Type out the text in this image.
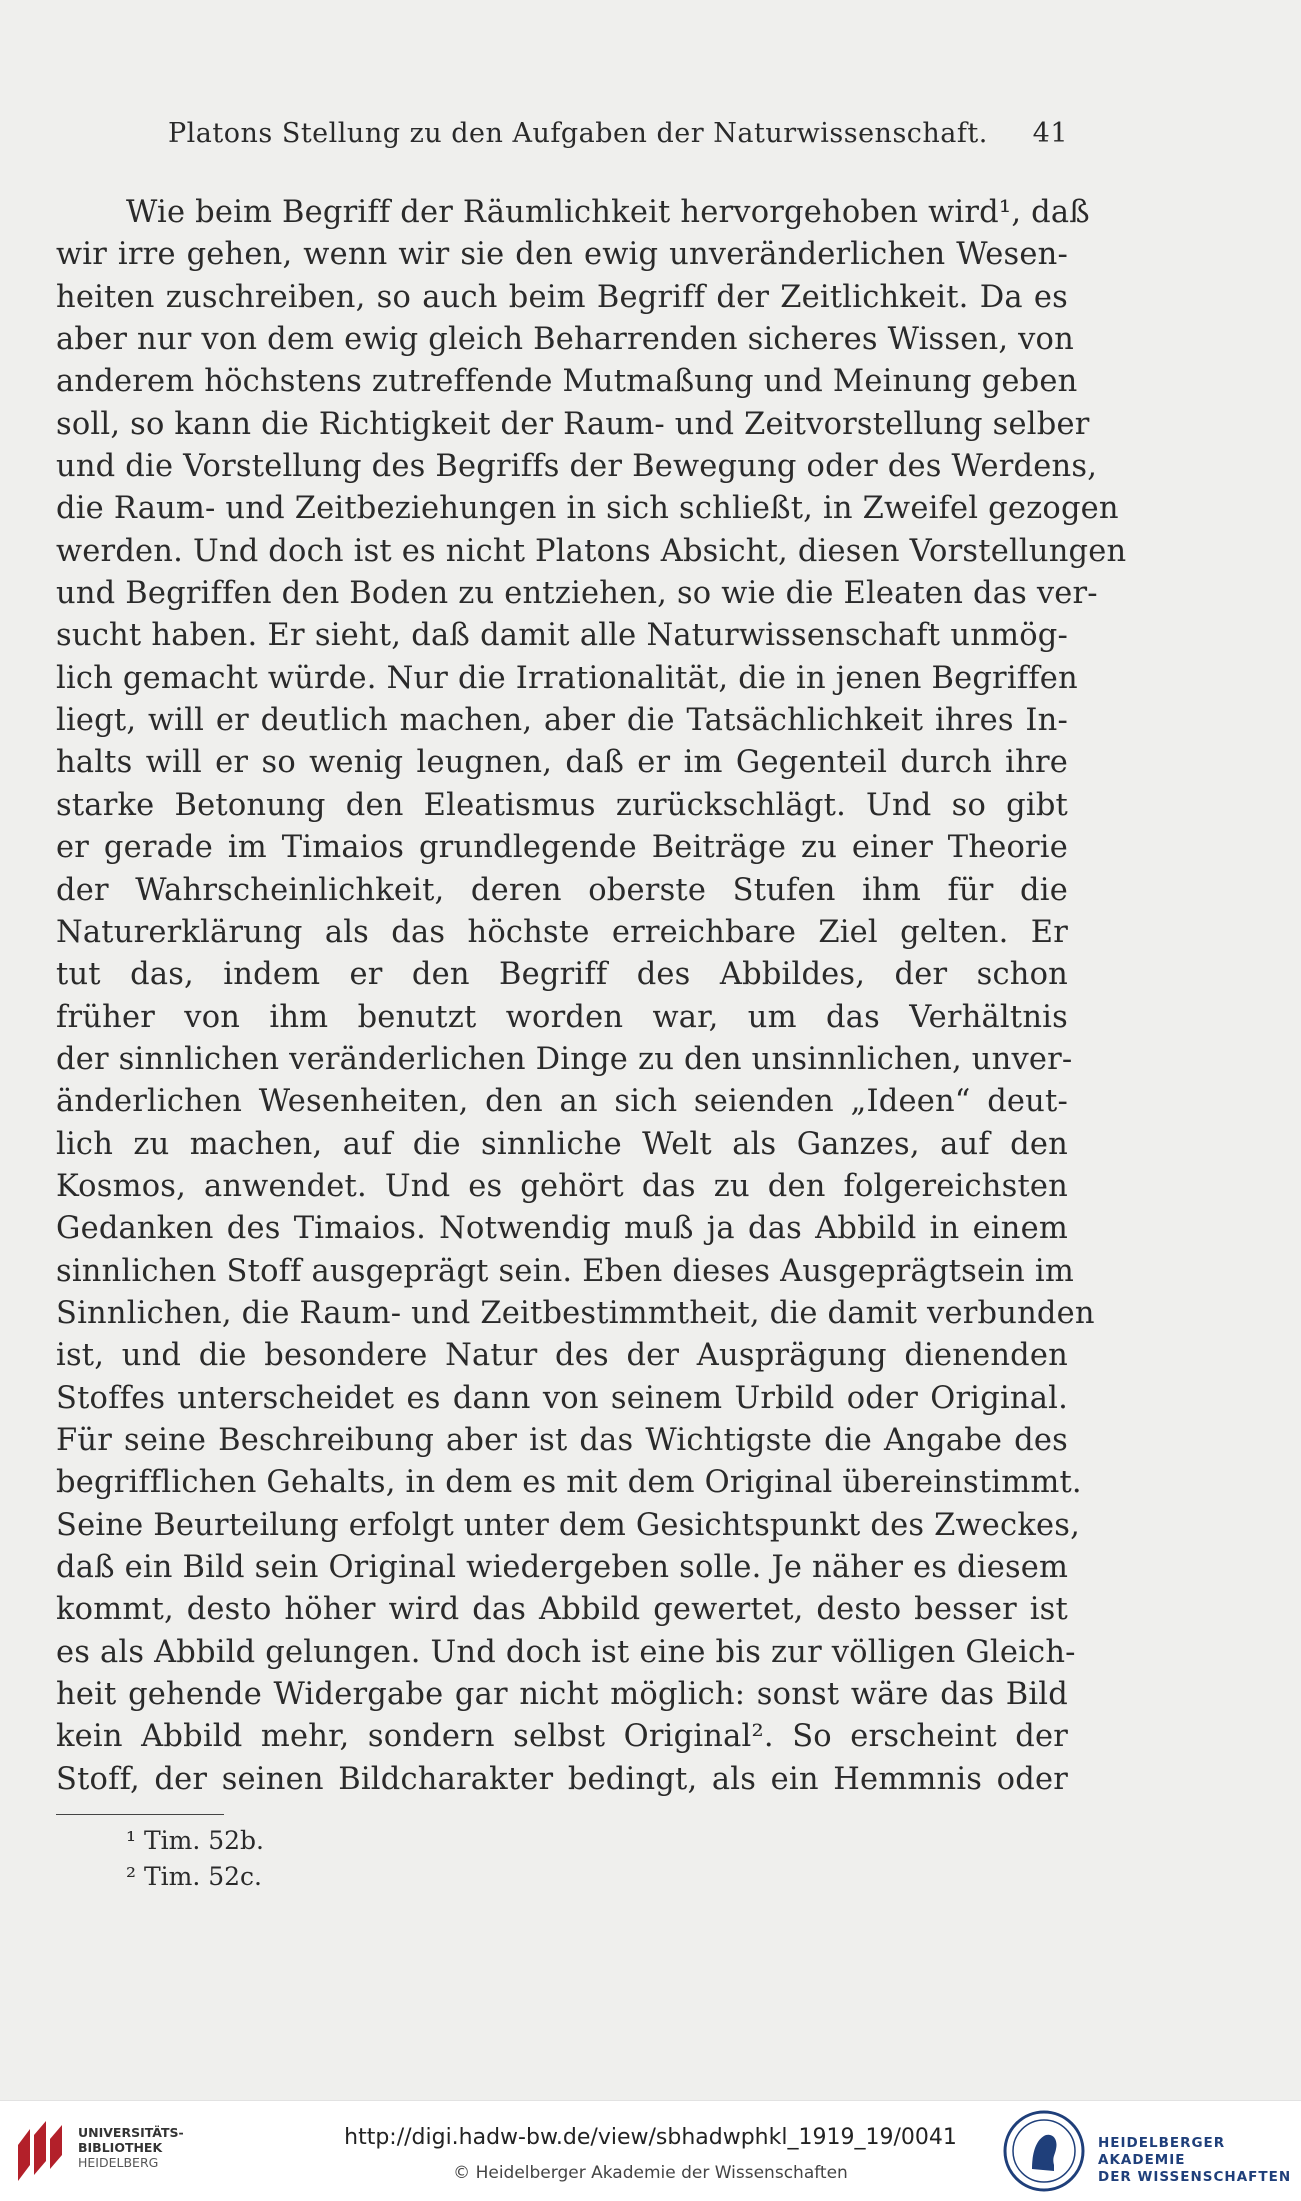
Platons Stellung zu den Aufgaben der Naturwissenschaft. 41
Wie beim Begriff der Räumlichkeit hervorgehoben wird¹, daß
wir irre gehen, wenn wir sie den ewig unveränderlichen Wesen-
heiten zuschreiben, so auch beim Begriff der Zeitlichkeit. Da es
aber nur von dem ewig gleich Beharrenden sicheres Wissen, von
anderem höchstens zutreffende Mutmaßung und Meinung geben
soll, so kann die Richtigkeit der Raum- und Zeitvorstellung selber
und die Vorstellung des Begriffs der Bewegung oder des Werdens,
die Raum- und Zeitbeziehungen in sich schließt, in Zweifel gezogen
werden. Und doch ist es nicht Platons Absicht, diesen Vorstellungen
und Begriffen den Boden zu entziehen, so wie die Eleaten das ver-
sucht haben. Er sieht, daß damit alle Naturwissenschaft unmög-
lich gemacht würde. Nur die Irrationalität, die in jenen Begriffen
liegt, will er deutlich machen, aber die Tatsächlichkeit ihres In-
halts will er so wenig leugnen, daß er im Gegenteil durch ihre
starke Betonung den Eleatismus zurückschlägt. Und so gibt
er gerade im Timaios grundlegende Beiträge zu einer Theorie
der Wahrscheinlichkeit, deren oberste Stufen ihm für die
Naturerklärung als das höchste erreichbare Ziel gelten. Er
tut das, indem er den Begriff des Abbildes, der schon
früher von ihm benutzt worden war, um das Verhältnis
der sinnlichen veränderlichen Dinge zu den unsinnlichen, unver-
änderlichen Wesenheiten, den an sich seienden „Ideen“ deut-
lich zu machen, auf die sinnliche Welt als Ganzes, auf den
Kosmos, anwendet. Und es gehört das zu den folgereichsten
Gedanken des Timaios. Notwendig muß ja das Abbild in einem
sinnlichen Stoff ausgeprägt sein. Eben dieses Ausgeprägtsein im
Sinnlichen, die Raum- und Zeitbestimmtheit, die damit verbunden
ist, und die besondere Natur des der Ausprägung dienenden
Stoffes unterscheidet es dann von seinem Urbild oder Original.
Für seine Beschreibung aber ist das Wichtigste die Angabe des
begrifflichen Gehalts, in dem es mit dem Original übereinstimmt.
Seine Beurteilung erfolgt unter dem Gesichtspunkt des Zweckes,
daß ein Bild sein Original wiedergeben solle. Je näher es diesem
kommt, desto höher wird das Abbild gewertet, desto besser ist
es als Abbild gelungen. Und doch ist eine bis zur völligen Gleich-
heit gehende Widergabe gar nicht möglich: sonst wäre das Bild
kein Abbild mehr, sondern selbst Original². So erscheint der
Stoff, der seinen Bildcharakter bedingt, als ein Hemmnis oder
¹ Tim. 52b.
² Tim. 52c.
UNIVERSITÄTS-
BIBLIOTHEK
HEIDELBERG
http://digi.hadw-bw.de/view/sbhadwphkl_1919_19/0041
© Heidelberger Akademie der Wissenschaften
HEIDELBERGER AKADEMIE
DER WISSENSCHAFTEN
